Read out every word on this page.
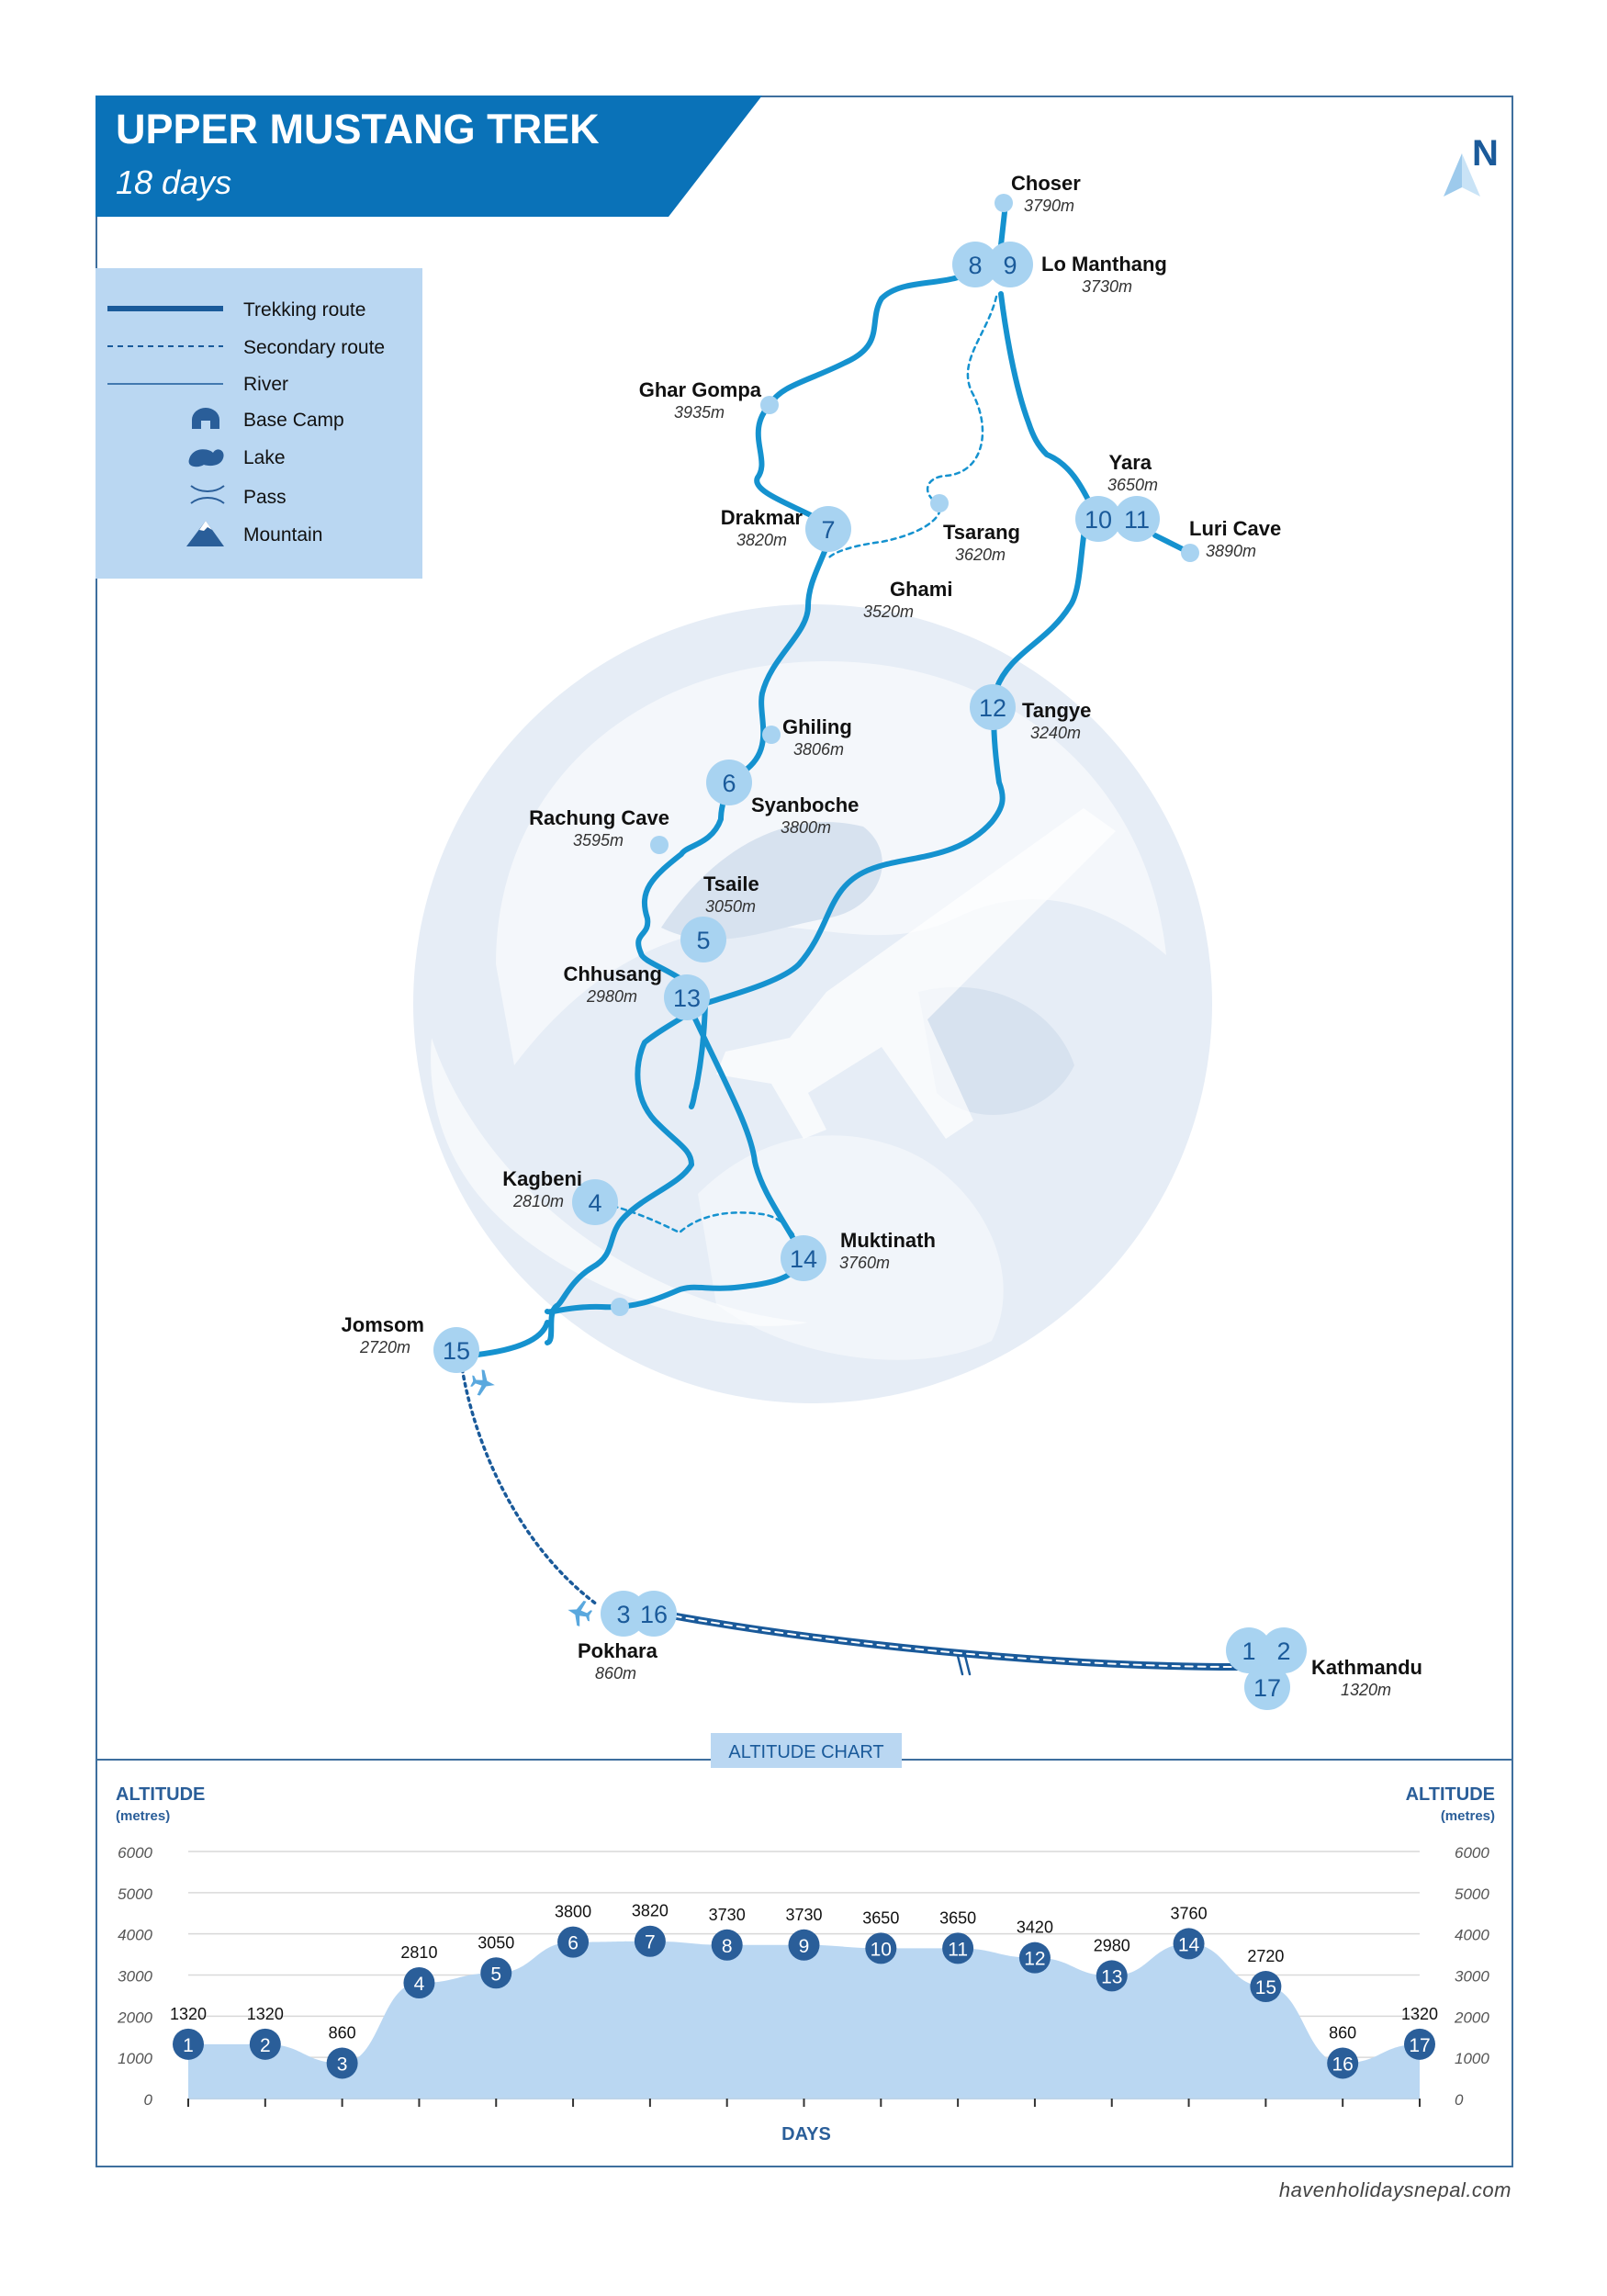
UPPER MUSTANG TREK
18 days
N
Trekking route
Secondary route
River
Base Camp
Lake
Pass
Mountain
8 9
7	10 11
12
6
5
13
4
14
15
3 16
1 2
17
Choser
3790m
Lo Manthang
3730m
Ghar Gompa
3935m
Drakmar
3820m	Tsarang
3620m
Yara
3650m
Luri Cave
3890m
Ghami
3520m
Tangye
3240m
Ghiling
3806m
Syanboche
3800m
Rachung Cave
3595m
Tsaile
3050m
Chhusang
2980m
Kagbeni
2810m
Muktinath
3760m
Jomsom
2720m
Pokhara
860m	Kathmandu
1320m
ALTITUDE CHART
ALTITUDE
(metres)
ALTITUDE
(metres)
DAYS
0	0
1000	1000
2000	2000
3000	3000
4000	4000
5000	5000
6000	6000
1
1320
2
1320
3
860
4
2810
5
3050	6
3800
7
3820
8
3730
9
3730
10
3650
11
3650
12
3420
13
2980 14
3760
15
2720
16
860
17
1320
havenholidaysnepal.com
